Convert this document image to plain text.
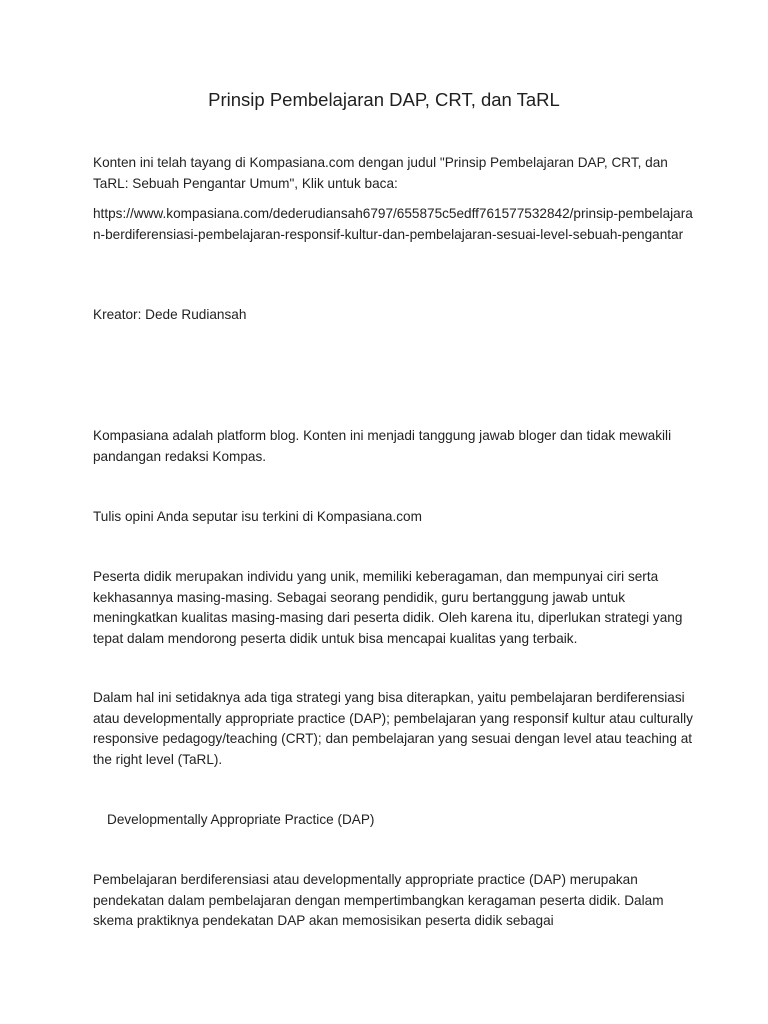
Prinsip Pembelajaran DAP, CRT, dan TaRL
Konten ini telah tayang di Kompasiana.com dengan judul "Prinsip Pembelajaran DAP, CRT, dan TaRL: Sebuah Pengantar Umum", Klik untuk baca:
https://www.kompasiana.com/dederudiansah6797/655875c5edff761577532842/prinsip-pembelajaran-berdiferensiasi-pembelajaran-responsif-kultur-dan-pembelajaran-sesuai-level-sebuah-pengantar
Kreator: Dede Rudiansah
Kompasiana adalah platform blog. Konten ini menjadi tanggung jawab bloger dan tidak mewakili pandangan redaksi Kompas.
Tulis opini Anda seputar isu terkini di Kompasiana.com
Peserta didik merupakan individu yang unik, memiliki keberagaman, dan mempunyai ciri serta kekhasannya masing-masing. Sebagai seorang pendidik, guru bertanggung jawab untuk meningkatkan kualitas masing-masing dari peserta didik. Oleh karena itu, diperlukan strategi yang tepat dalam mendorong peserta didik untuk bisa mencapai kualitas yang terbaik.
Dalam hal ini setidaknya ada tiga strategi yang bisa diterapkan, yaitu pembelajaran berdiferensiasi atau developmentally appropriate practice (DAP); pembelajaran yang responsif kultur atau culturally responsive pedagogy/teaching (CRT); dan pembelajaran yang sesuai dengan level atau teaching at the right level (TaRL).
Developmentally Appropriate Practice (DAP)
Pembelajaran berdiferensiasi atau developmentally appropriate practice (DAP) merupakan pendekatan dalam pembelajaran dengan mempertimbangkan keragaman peserta didik. Dalam skema praktiknya pendekatan DAP akan memosisikan peserta didik sebagai
